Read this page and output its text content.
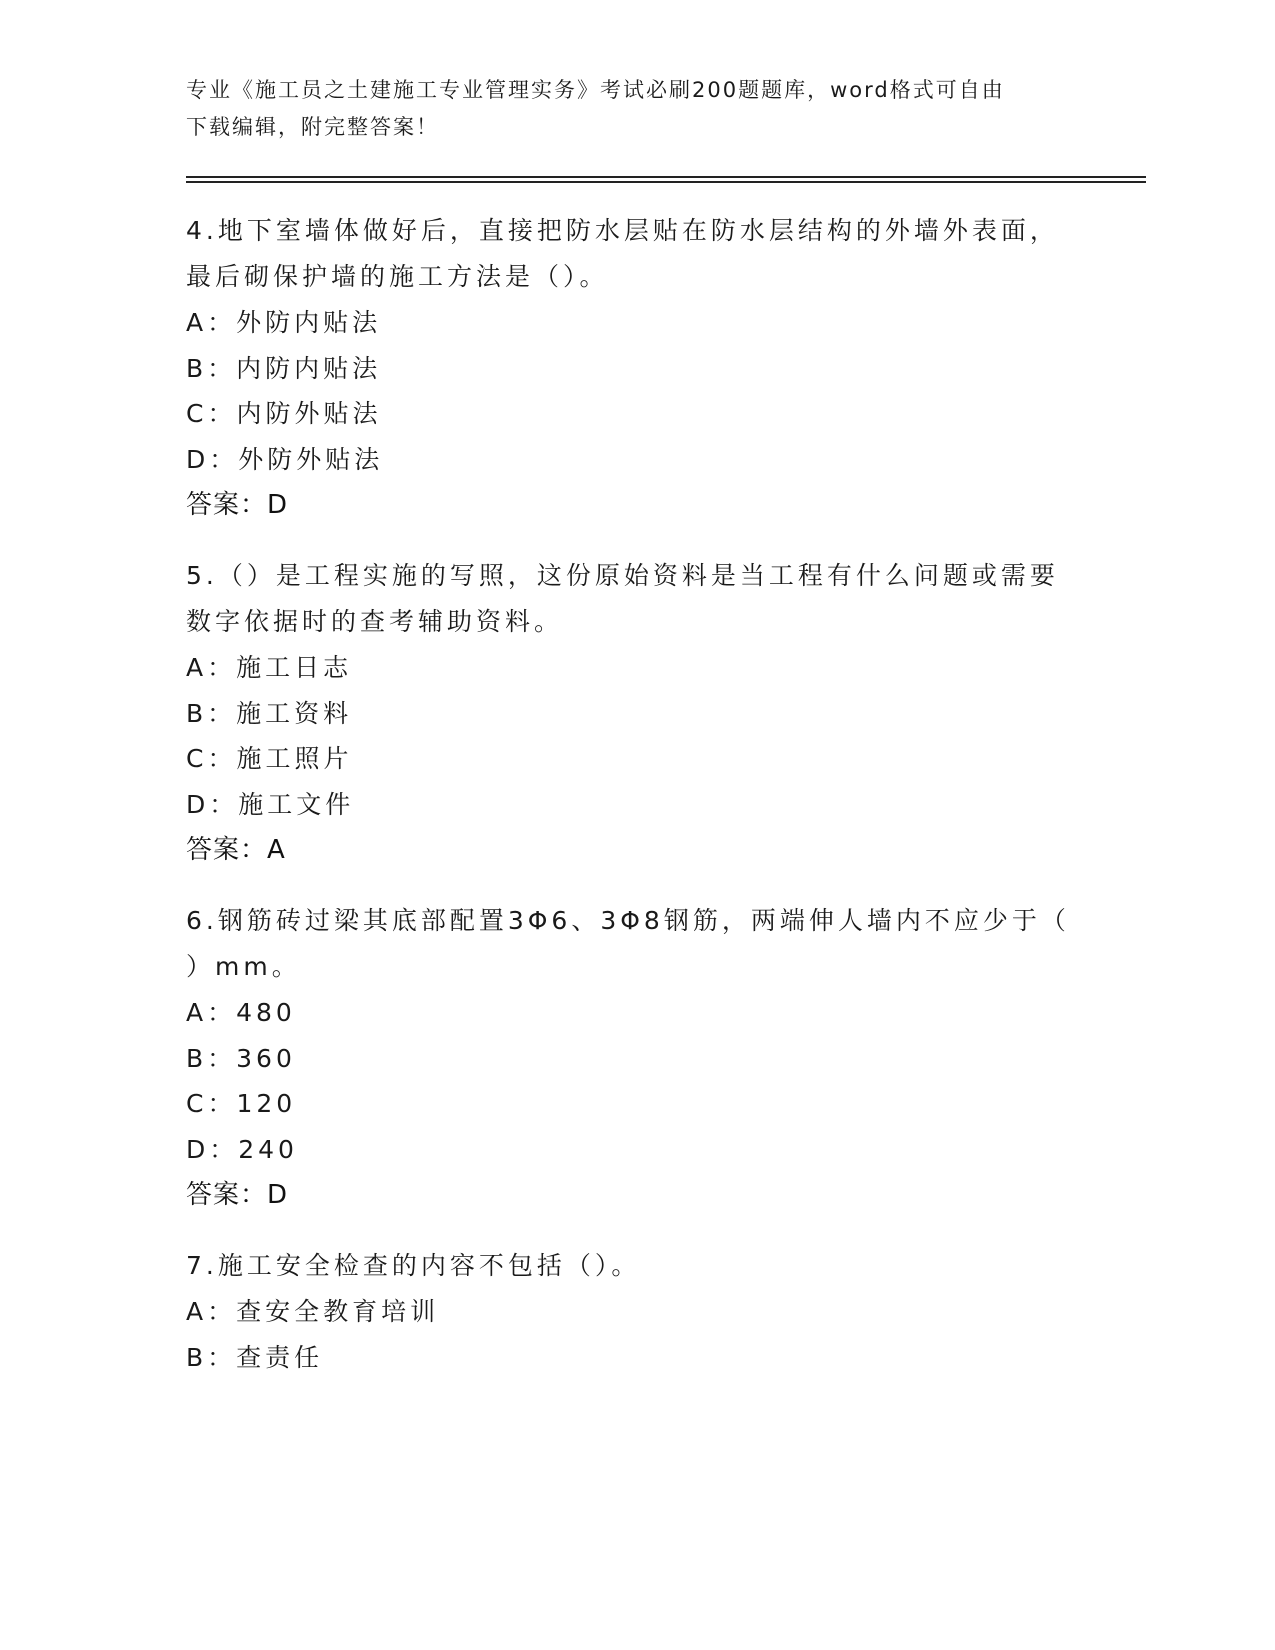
专业《施工员之土建施工专业管理实务》考试必刷200题题库，word格式可自由
下载编辑，附完整答案！

4.地下室墙体做好后，直接把防水层贴在防水层结构的外墙外表面，

最后砌保护墙的施工方法是（）。

A：外防内贴法

B：内防内贴法

C：内防外贴法

D：外防外贴法

答案：D

5.（）是工程实施的写照，这份原始资料是当工程有什么问题或需要

数字依据时的查考辅助资料。

A：施工日志

B：施工资料

C：施工照片

D：施工文件

答案：A

6.钢筋砖过梁其底部配置3Φ6、3Φ8钢筋，两端伸人墙内不应少于（

）mm。

A：480

B：360

C：120

D：240

答案：D

7.施工安全检查的内容不包括（）。

A：查安全教育培训

B：查责任
